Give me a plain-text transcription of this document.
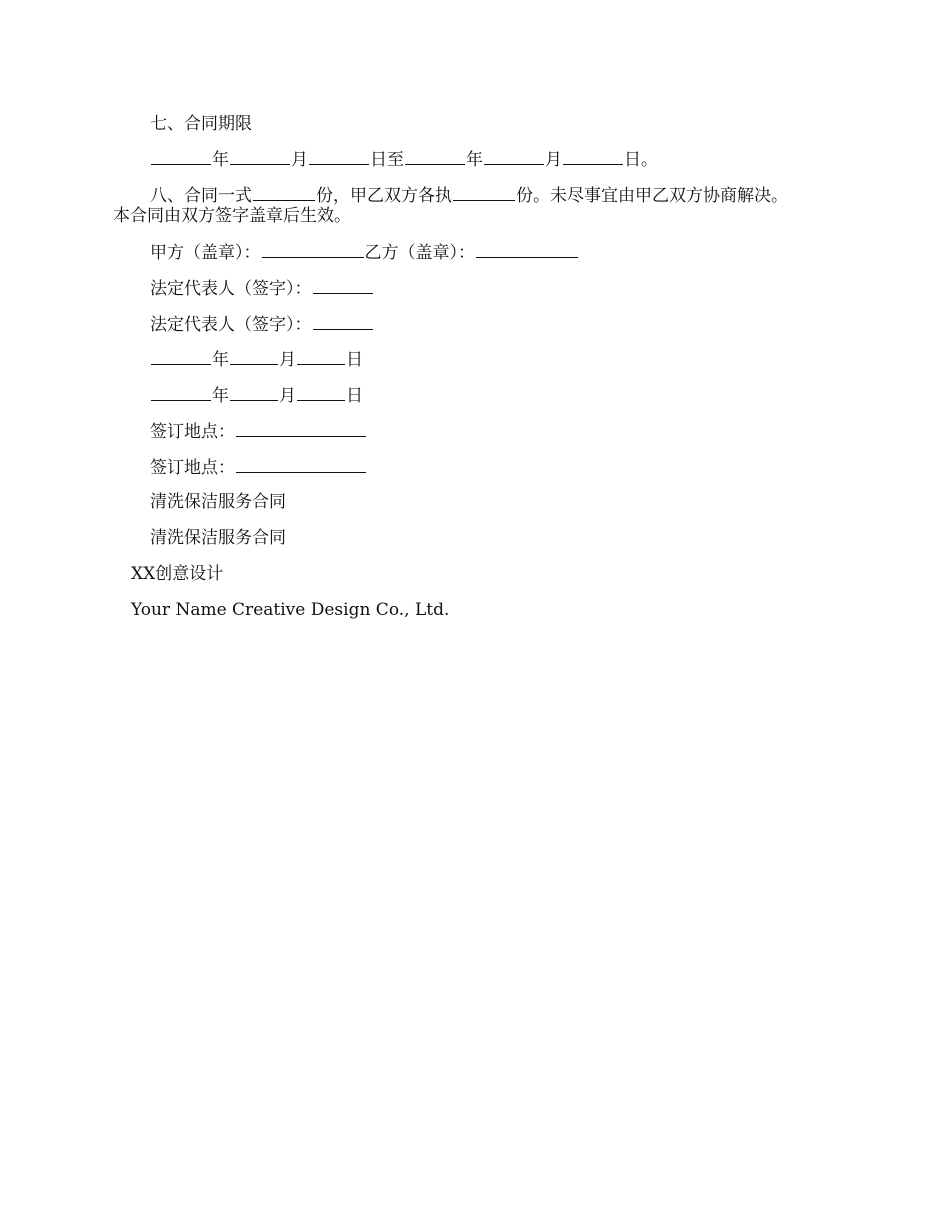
七、合同期限
年	月	日至	年	月	日。
八、合同一式	份，甲乙双方各执	份。未尽事宜由甲乙双方协商解决。
本合同由双方签字盖章后生效。
甲方（盖章）：	乙方（盖章）：
法定代表人（签字）：
法定代表人（签字）：
年	月	日
年	月	日
签订地点：
签订地点：
清洗保洁服务合同
清洗保洁服务合同
XX创意设计
Your Name Creative Design Co., Ltd.
